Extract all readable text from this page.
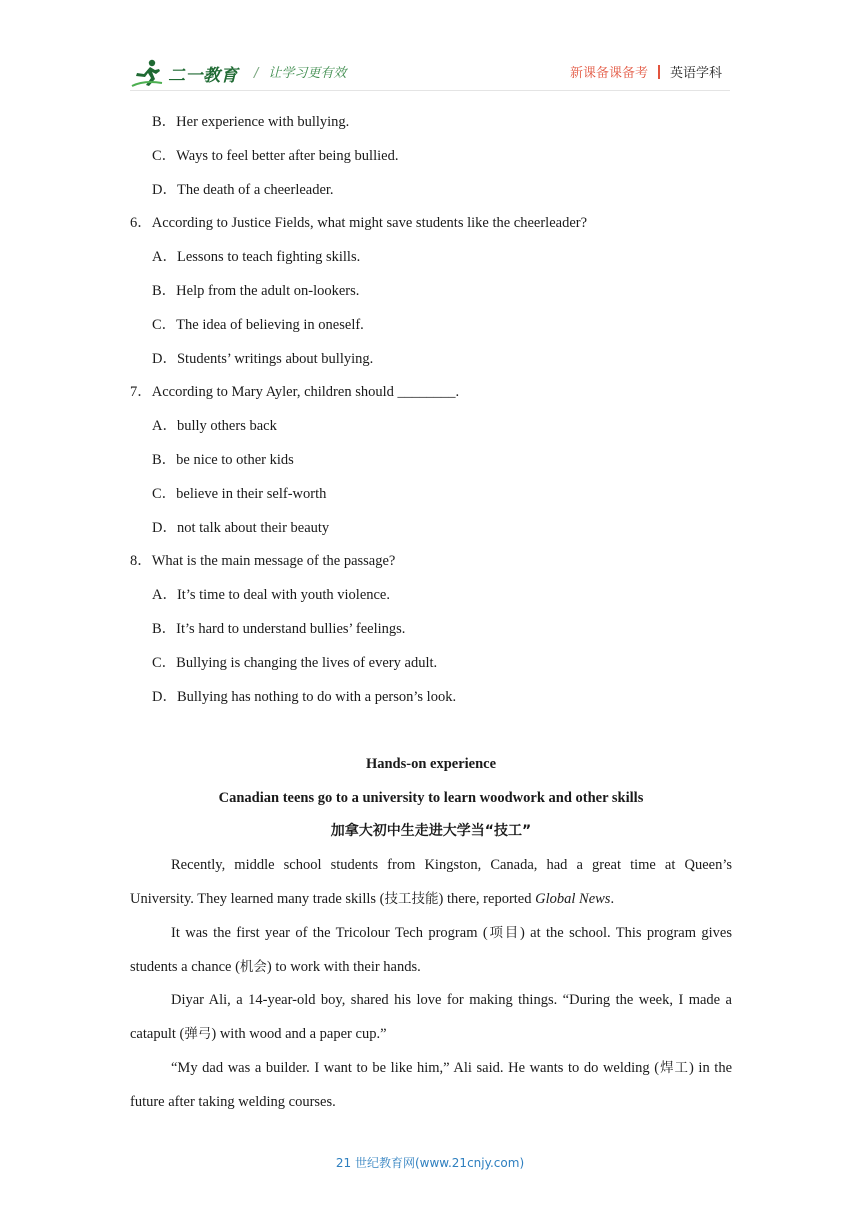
二一教育 / 让学习更有效	新课备课备考 英语学科
B．Her experience with bullying.
C．Ways to feel better after being bullied.
D．The death of a cheerleader.
6．According to Justice Fields, what might save students like the cheerleader?
A．Lessons to teach fighting skills.
B．Help from the adult on-lookers.
C．The idea of believing in oneself.
D．Students’ writings about bullying.
7．According to Mary Ayler, children should ________.
A．bully others back
B．be nice to other kids
C．believe in their self-worth
D．not talk about their beauty
8．What is the main message of the passage?
A．It’s time to deal with youth violence.
B．It’s hard to understand bullies’ feelings.
C．Bullying is changing the lives of every adult.
D．Bullying has nothing to do with a person’s look.
Hands-on experience
Canadian teens go to a university to learn woodwork and other skills
加拿大初中生走进大学当“技工”
Recently, middle school students from Kingston, Canada, had a great time at Queen’s University. They learned many trade skills (技工技能) there, reported Global News.
It was the first year of the Tricolour Tech program (项目) at the school. This program gives students a chance (机会) to work with their hands.
Diyar Ali, a 14-year-old boy, shared his love for making things. “During the week, I made a catapult (弹弓) with wood and a paper cup.”
“My dad was a builder. I want to be like him,” Ali said. He wants to do welding (焊工) in the future after taking welding courses.
21 世纪教育网(www.21cnjy.com)
